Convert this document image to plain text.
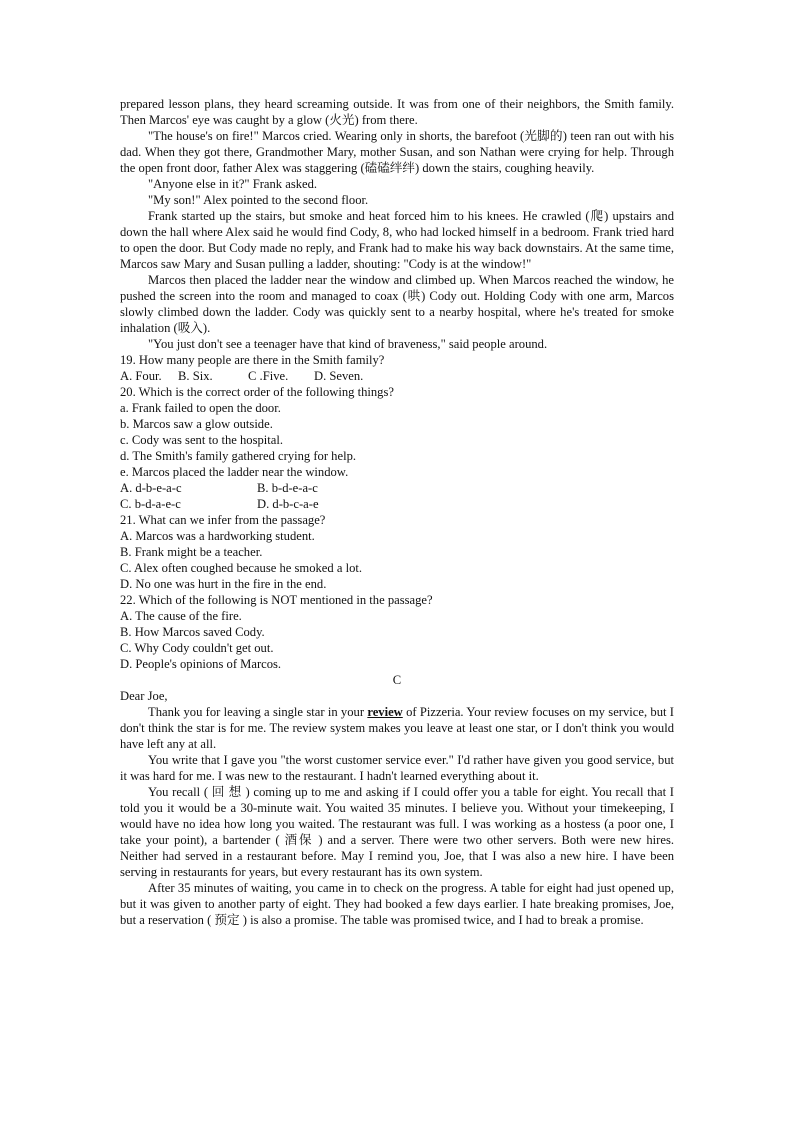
prepared lesson plans, they heard screaming outside. It was from one of their neighbors, the Smith family. Then Marcos' eye was caught by a glow (火光) from there.

"The house's on fire!" Marcos cried. Wearing only in shorts, the barefoot (光脚的) teen ran out with his dad. When they got there, Grandmother Mary, mother Susan, and son Nathan were crying for help. Through the open front door, father Alex was staggering (磕磕绊绊) down the stairs, coughing heavily.

"Anyone else in it?" Frank asked.

"My son!" Alex pointed to the second floor.

Frank started up the stairs, but smoke and heat forced him to his knees. He crawled (爬) upstairs and down the hall where Alex said he would find Cody, 8, who had locked himself in a bedroom. Frank tried hard to open the door. But Cody made no reply, and Frank had to make his way back downstairs. At the same time, Marcos saw Mary and Susan pulling a ladder, shouting: "Cody is at the window!"

Marcos then placed the ladder near the window and climbed up. When Marcos reached the window, he pushed the screen into the room and managed to coax (哄) Cody out. Holding Cody with one arm, Marcos slowly climbed down the ladder. Cody was quickly sent to a nearby hospital, where he's treated for smoke inhalation (吸入).

"You just don't see a teenager have that kind of braveness," said people around.

19. How many people are there in the Smith family?

A. Four. B. Six.	C .Five. D. Seven.

20. Which is the correct order of the following things?

a. Frank failed to open the door.

b. Marcos saw a glow outside.

c. Cody was sent to the hospital.

d. The Smith's family gathered crying for help.

e. Marcos placed the ladder near the window.

A. d-b-e-a-c	B. b-d-e-a-c
C. b-d-a-e-c	D. d-b-c-a-e

21. What can we infer from the passage?

A. Marcos was a hardworking student.

B. Frank might be a teacher.

C. Alex often coughed because he smoked a lot.

D. No one was hurt in the fire in the end.

22. Which of the following is NOT mentioned in the passage?

A. The cause of the fire.

B. How Marcos saved Cody.

C. Why Cody couldn't get out.

D. People's opinions of Marcos.

C

Dear Joe,

Thank you for leaving a single star in your review of Pizzeria. Your review focuses on my service, but I don't think the star is for me. The review system makes you leave at least one star, or I don't think you would have left any at all.

You write that I gave you "the worst customer service ever." I'd rather have given you good service, but it was hard for me. I was new to the restaurant. I hadn't learned everything about it.

You recall ( 回 想 ) coming up to me and asking if I could offer you a table for eight. You recall that I told you it would be a 30-minute wait. You waited 35 minutes. I believe you. Without your timekeeping, I would have no idea how long you waited. The restaurant was full. I was working as a hostess (a poor one, I take your point), a bartender ( 酒保 ) and a server. There were two other servers. Both were new hires. Neither had served in a restaurant before. May I remind you, Joe, that I was also a new hire. I have been serving in restaurants for years, but every restaurant has its own system.

After 35 minutes of waiting, you came in to check on the progress. A table for eight had just opened up, but it was given to another party of eight. They had booked a few days earlier. I hate breaking promises, Joe, but a reservation ( 预定 ) is also a promise. The table was promised twice, and I had to break a promise.
